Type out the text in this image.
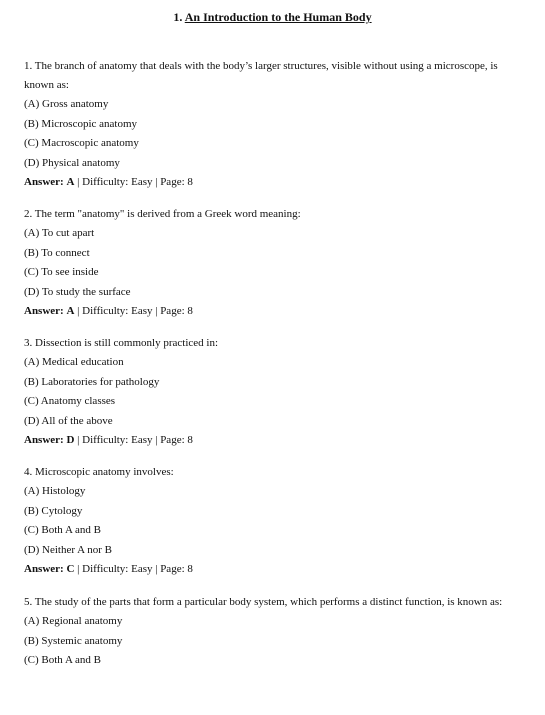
1. An Introduction to the Human Body

1. The branch of anatomy that deals with the body’s larger structures, visible without using a microscope, is known as:

(A) Gross anatomy

(B) Microscopic anatomy

(C) Macroscopic anatomy

(D) Physical anatomy

Answer: A | Difficulty: Easy | Page: 8

2. The term "anatomy" is derived from a Greek word meaning:

(A) To cut apart

(B) To connect

(C) To see inside

(D) To study the surface

Answer: A | Difficulty: Easy | Page: 8

3. Dissection is still commonly practiced in:

(A) Medical education

(B) Laboratories for pathology

(C) Anatomy classes

(D) All of the above

Answer: D | Difficulty: Easy | Page: 8

4. Microscopic anatomy involves:

(A) Histology

(B) Cytology

(C) Both A and B

(D) Neither A nor B

Answer: C | Difficulty: Easy | Page: 8

5. The study of the parts that form a particular body system, which performs a distinct function, is known as:

(A) Regional anatomy

(B) Systemic anatomy

(C) Both A and B
